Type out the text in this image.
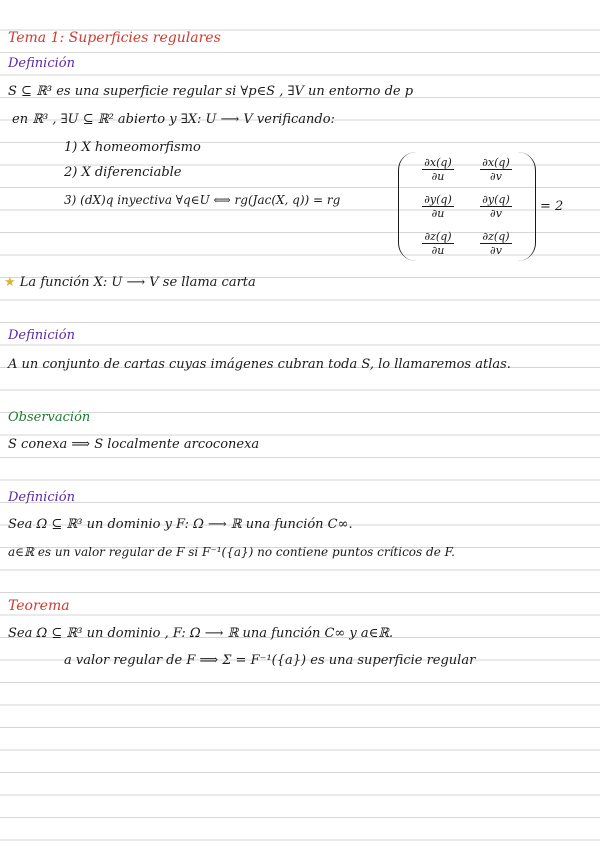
Tema 1: Superficies regulares
Definición
S ⊆ ℝ³ es una superficie regular si ∀p∈S , ∃V un entorno de p
en ℝ³ , ∃U ⊆ ℝ² abierto y ∃X: U ⟶ V verificando:
1) X homeomorfismo
2) X diferenciable
3) (dX)q inyectiva ∀q∈U ⟺ rg(Jac(X, q)) = rg
$\frac{\partial x(q)}{\partial u} \frac{\partial x(q)}{\partial v}$
$\frac{\partial y(q)}{\partial u} \frac{\partial y(q)}{\partial v}$
$\frac{\partial z(q)}{\partial u} \frac{\partial z(q)}{\partial v}$
= 2
★ La función X: U ⟶ V se llama carta
Definición
A un conjunto de cartas cuyas imágenes cubran toda S, lo llamaremos atlas.
Observación
S conexa ⟹ S localmente arcoconexa
Definición
Sea Ω ⊆ ℝ³ un dominio y F: Ω ⟶ ℝ una función C∞.
a∈ℝ es un valor regular de F si F⁻¹({a}) no contiene puntos críticos de F.
Teorema
Sea Ω ⊆ ℝ³ un dominio , F: Ω ⟶ ℝ una función C∞ y a∈ℝ.
a valor regular de F ⟹ Σ = F⁻¹({a}) es una superficie regular
